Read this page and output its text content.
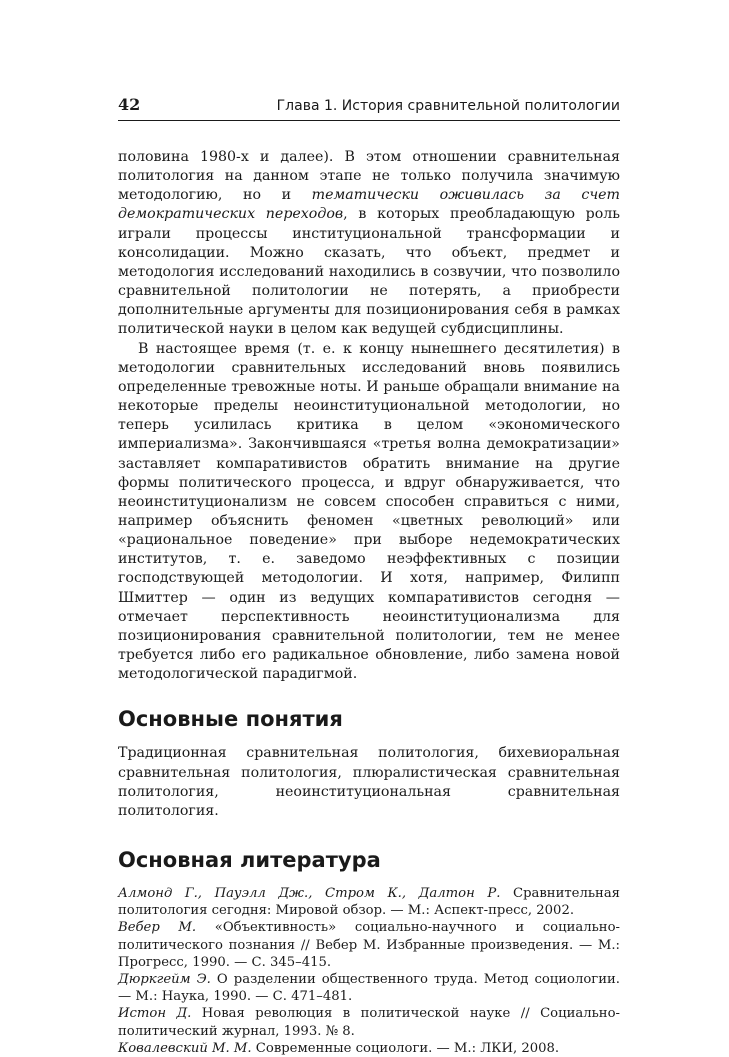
42	Глава 1. История сравнительной политологии

половина 1980-х и далее). В этом отношении сравнительная политология на данном этапе не только получила значимую методологию, но и тематически оживилась за счет демократических переходов, в которых преобладающую роль играли процессы институциональной трансформации и консолидации. Можно сказать, что объект, предмет и методология исследований находились в созвучии, что позволило сравнительной политологии не потерять, а приобрести дополнительные аргументы для позиционирования себя в рамках политической науки в целом как ведущей субдисциплины.

В настоящее время (т. е. к концу нынешнего десятилетия) в методологии сравнительных исследований вновь появились определенные тревожные ноты. И раньше обращали внимание на некоторые пределы неоинституциональной методологии, но теперь усилилась критика в целом «экономического империализма». Закончившаяся «третья волна демократизации» заставляет компаративистов обратить внимание на другие формы политического процесса, и вдруг обнаруживается, что неоинституционализм не совсем способен справиться с ними, например объяснить феномен «цветных революций» или «рациональное поведение» при выборе недемократических институтов, т. е. заведомо неэффективных с позиции господствующей методологии. И хотя, например, Филипп Шмиттер — один из ведущих компаративистов сегодня — отмечает перспективность неоинституционализма для позиционирования сравнительной политологии, тем не менее требуется либо его радикальное обновление, либо замена новой методологической парадигмой.

Основные понятия
Традиционная сравнительная политология, бихевиоральная сравнительная политология, плюралистическая сравнительная политология, неоинституциональная сравнительная политология.
Основная литература
Алмонд Г., Пауэлл Дж., Стром К., Далтон Р. Сравнительная политология сегодня: Мировой обзор. — М.: Аспект-пресс, 2002.
Вебер М. «Объективность» социально-научного и социально-политического познания // Вебер М. Избранные произведения. — М.: Прогресс, 1990. — С. 345–415.
Дюркгейм Э. О разделении общественного труда. Метод социологии. — М.: Наука, 1990. — С. 471–481.
Истон Д. Новая революция в политической науке // Социально-политический журнал, 1993. № 8.
Ковалевский М. М. Современные социологи. — М.: ЛКИ, 2008.
